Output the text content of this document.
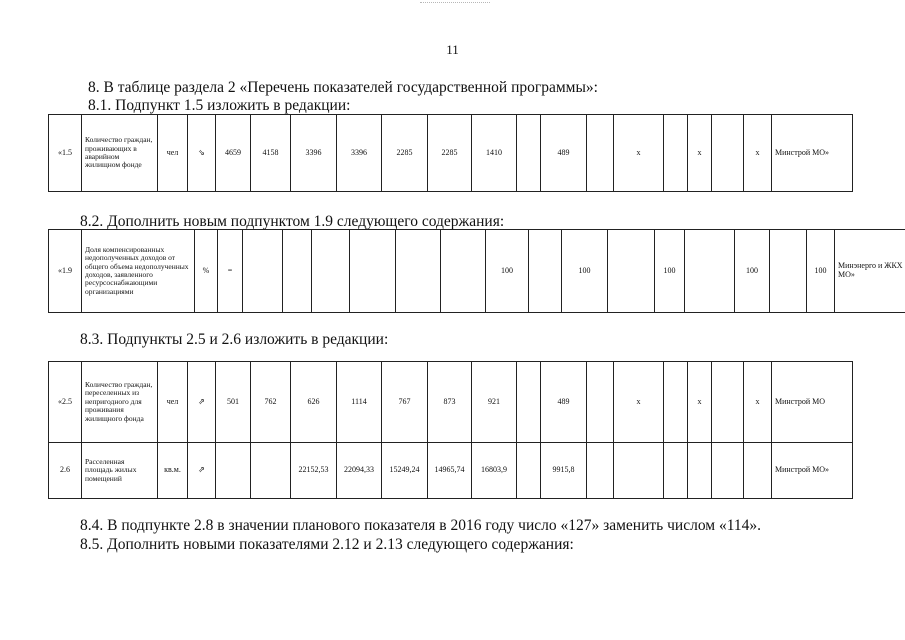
11
8. В таблице раздела 2 «Перечень показателей государственной программы»:
8.1. Подпункт 1.5 изложить в редакции:
«1.5	Количество граждан, проживающих в аварийном жилищном фонде	чел	⇘	4659	4158	3396	3396	2285	2285	1410		489		х		х		х	Минстрой МО»
8.2. Дополнить новым подпунктом 1.9 следующего содержания:
«1.9	Доля компенсированных недополученных доходов от общего объема недополученных доходов, заявленного ресурсоснабжающими организациями	%	=							100		100		100		100		100	Минэнерго и ЖКХ МО»
8.3. Подпункты 2.5 и 2.6 изложить в редакции:
«2.5	Количество граждан, переселенных из непригодного для проживания жилищного фонда	чел	⇗	501	762	626	1114	767	873	921		489		х		х		х	Минстрой МО
2.6	Расселенная площадь жилых помещений	кв.м.	⇗			22152,53	22094,33	15249,24	14965,74	16803,9		9915,8							Минстрой МО»
8.4. В подпункте 2.8 в значении планового показателя в 2016 году число «127» заменить числом «114».
8.5. Дополнить новыми показателями 2.12 и 2.13 следующего содержания:
